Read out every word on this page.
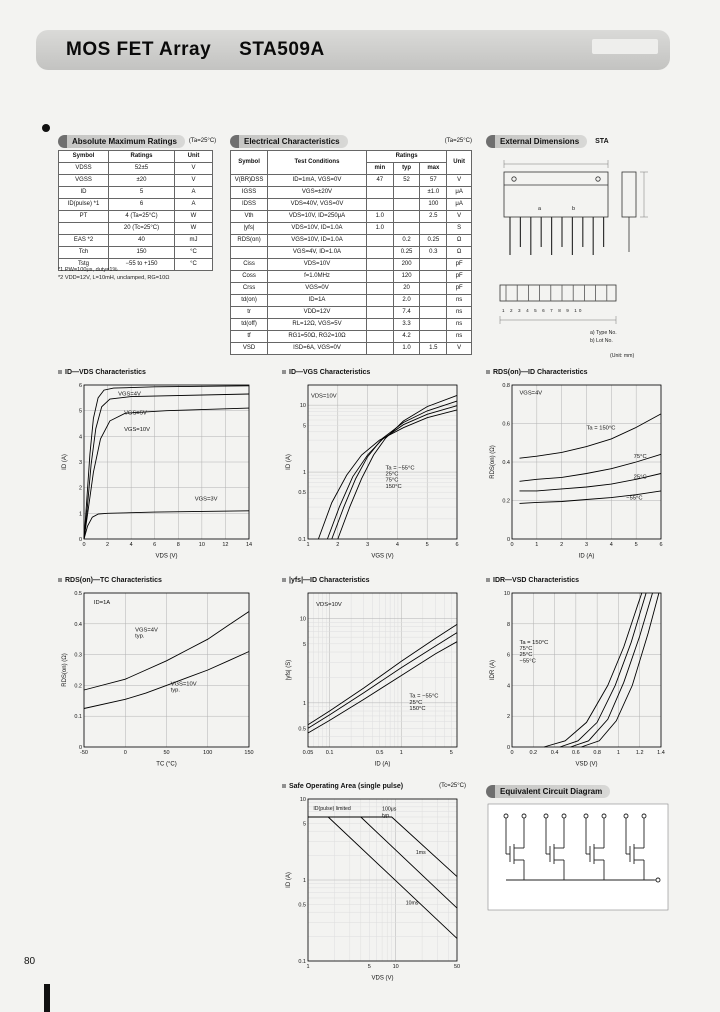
MOS FET Array STA509A
Absolute Maximum Ratings	(Ta=25°C)	Electrical Characteristics	(Ta=25°C)	External Dimensions	STA
Symbol	Ratings	Unit
VDSS	52±5	V
VGSS	±20	V
ID	5	A
ID(pulse) *1	6	A
PT	4 (Ta=25°C)	W
	20 (Tc=25°C)	W
EAS *2	40	mJ
Tch	150	°C
Tstg	−55 to +150	°C
*1 PW=100μs, duty=1%
*2 VDD=12V, L=10mH, unclamped, RG=10Ω
Symbol	Test Conditions	Ratings			Unit
		min	typ	max	
V(BR)DSS	ID=1mA, VGS=0V	47	52	57	V
IGSS	VGS=±20V			±1.0	μA
IDSS	VDS=40V, VGS=0V			100	μA
Vth	VDS=10V, ID=250μA	1.0		2.5	V
|yfs|	VDS=10V, ID=1.0A	1.0			S
RDS(on)	VGS=10V, ID=1.0A		0.2	0.25	Ω
	VGS=4V, ID=1.0A		0.25	0.3	Ω
Ciss	VDS=10V		200		pF
Coss	f=1.0MHz		120		pF
Crss	VGS=0V		20		pF
td(on)	ID=1A		2.0		ns
tr	VDD=12V		7.4		ns
td(off)	RL=12Ω, VGS=5V		3.3		ns
tf	RG1=50Ω, RG2=10Ω		4.2		ns
VSD	ISD=6A, VGS=0V		1.0	1.5	V
a	b
1 2 3 4 5 6 7 8 9 10
a) Type No.
b) Lot No.
(Unit: mm)
ID—VDS Characteristics
0	2	4	6	8	10	12	14
0
1
2
3
4
5
6
VDS (V)
ID (A)
VGS=4V
VGS=5V
VGS=10V
VGS=3V
ID—VGS Characteristics
1	2	3	4	5	6
0.1
0.5
1
5
10
VGS (V)
ID (A)
VDS=10V
Ta = −55°C 25°C 75°C 150°C
RDS(on)—ID Characteristics
0	1	2	3	4	5	6
0
0.2
0.4
0.6
0.8
ID (A)
RDS(on) (Ω)
VGS=4V
Ta = 150°C
75°C
25°C
−55°C
RDS(on)—TC Characteristics
-50	0	50	100	150
0
0.1
0.2
0.3
0.4
0.5
TC (°C)
RDS(on) (Ω)
ID=1A
VGS=4V typ.
VGS=10V typ.
|yfs|—ID Characteristics
0.05 0.1	0.5	1	5
0.5
1
5
10
ID (A)
|yfs| (S)
VDS=10V
Ta = −55°C 25°C 150°C
IDR—VSD Characteristics
0	0.2 0.4 0.6 0.8	1	1.2 1.4
0
2
4
6
8
10
VSD (V)
IDR (A)
Ta = 150°C 75°C 25°C −55°C
Safe Operating Area (single pulse)	(Tc=25°C)
1	5	10	50
0.1
0.5
1
5
10
VDS (V)
ID (A)
ID(pulse) limited	100μs typ.
1ms
10ms
Equivalent Circuit Diagram
80
